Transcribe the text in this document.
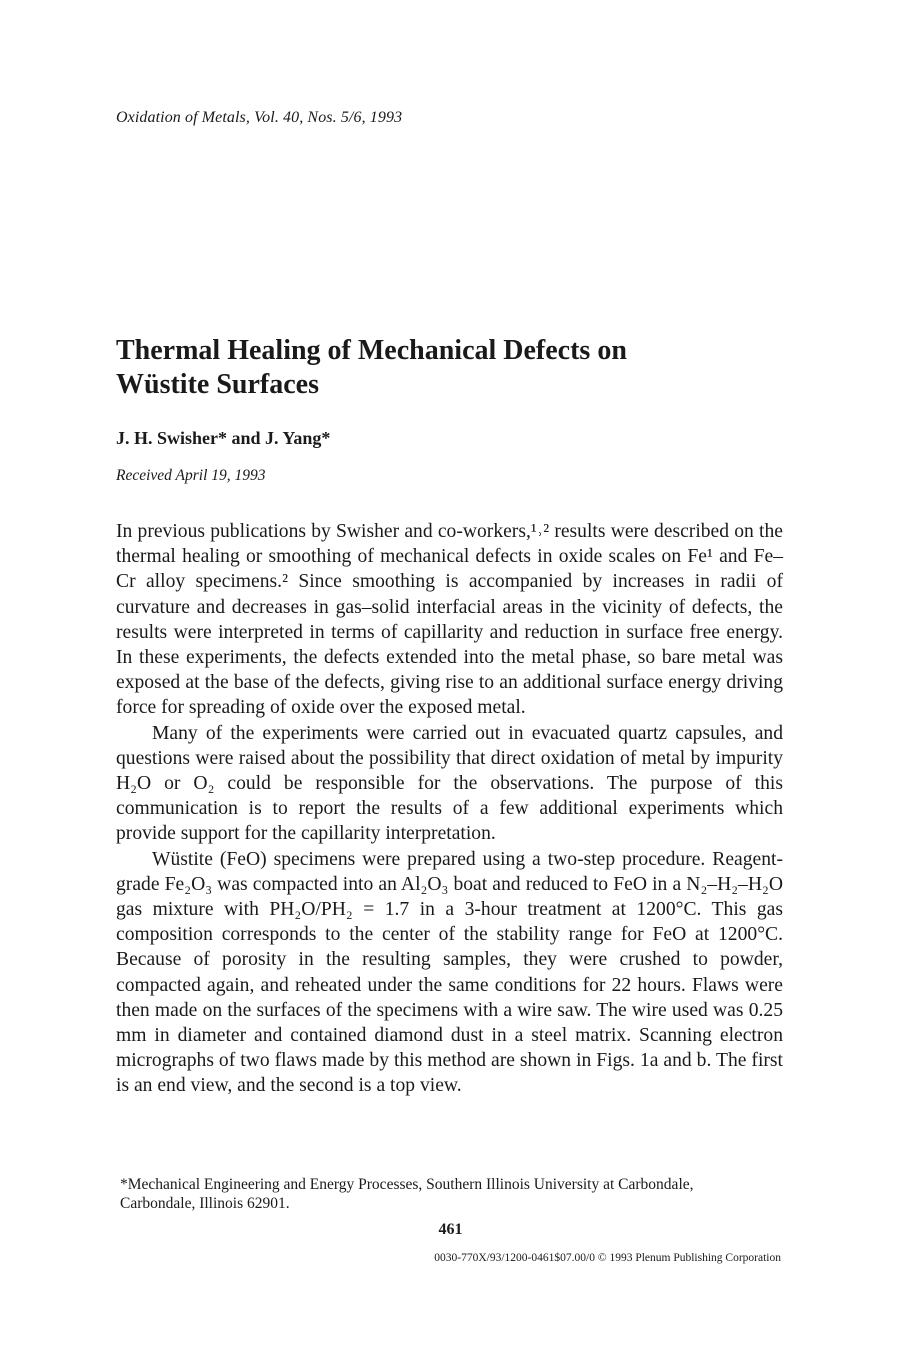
Oxidation of Metals, Vol. 40, Nos. 5/6, 1993
Thermal Healing of Mechanical Defects on
Wüstite Surfaces

J. H. Swisher* and J. Yang*

Received April 19, 1993

In previous publications by Swisher and co-workers,¹˒² results were described on the thermal healing or smoothing of mechanical defects in oxide scales on Fe¹ and Fe–Cr alloy specimens.² Since smoothing is accompanied by increases in radii of curvature and decreases in gas–solid interfacial areas in the vicinity of defects, the results were interpreted in terms of capillarity and reduction in surface free energy. In these experiments, the defects extended into the metal phase, so bare metal was exposed at the base of the defects, giving rise to an additional surface energy driving force for spreading of oxide over the exposed metal.

Many of the experiments were carried out in evacuated quartz capsules, and questions were raised about the possibility that direct oxidation of metal by impurity H₂O or O₂ could be responsible for the observations. The purpose of this communication is to report the results of a few additional experiments which provide support for the capillarity interpretation.

Wüstite (FeO) specimens were prepared using a two-step procedure. Reagent-grade Fe₂O₃ was compacted into an Al₂O₃ boat and reduced to FeO in a N₂–H₂–H₂O gas mixture with PH₂O/PH₂ = 1.7 in a 3-hour treatment at 1200°C. This gas composition corresponds to the center of the stability range for FeO at 1200°C. Because of porosity in the resulting samples, they were crushed to powder, compacted again, and reheated under the same conditions for 22 hours. Flaws were then made on the surfaces of the specimens with a wire saw. The wire used was 0.25 mm in diameter and contained diamond dust in a steel matrix. Scanning electron micrographs of two flaws made by this method are shown in Figs. 1a and b. The first is an end view, and the second is a top view.

*Mechanical Engineering and Energy Processes, Southern Illinois University at Carbondale,
Carbondale, Illinois 62901.

461
0030-770X/93/1200-0461$07.00/0 © 1993 Plenum Publishing Corporation
